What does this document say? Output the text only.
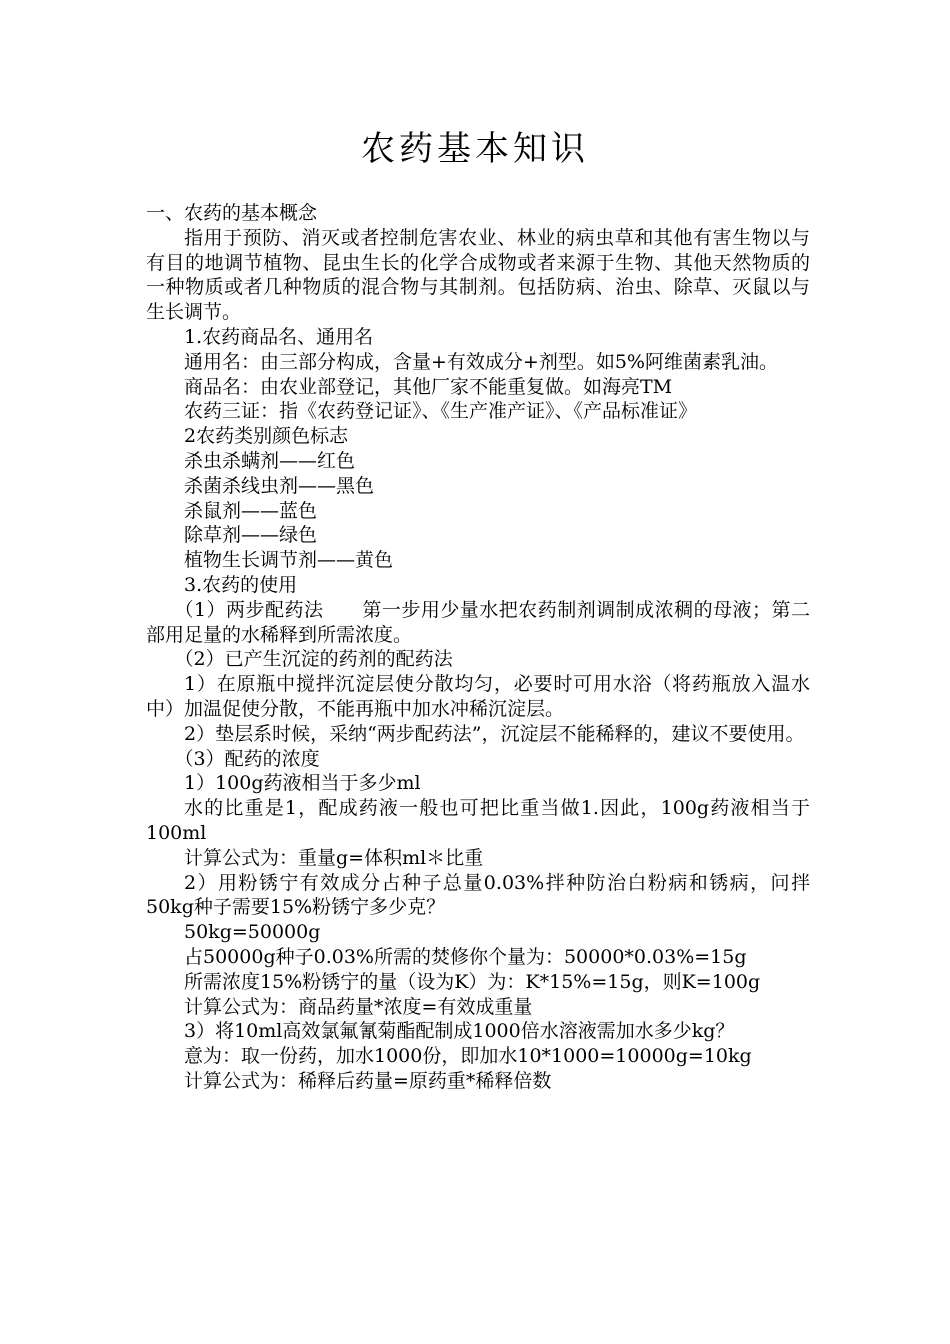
农药基本知识

一、农药的基本概念

指用于预防、消灭或者控制危害农业、林业的病虫草和其他有害生物以与有目的地调节植物、昆虫生长的化学合成物或者来源于生物、其他天然物质的一种物质或者几种物质的混合物与其制剂。包括防病、治虫、除草、灭鼠以与生长调节。

1.农药商品名、通用名

通用名：由三部分构成，含量+有效成分+剂型。如5%阿维菌素乳油。

商品名：由农业部登记，其他厂家不能重复做。如海亮TM

农药三证：指《农药登记证》、《生产准产证》、《产品标准证》

2农药类别颜色标志

杀虫杀螨剂——红色

杀菌杀线虫剂——黑色

杀鼠剂——蓝色

除草剂——绿色

植物生长调节剂——黄色

3.农药的使用

（1）两步配药法　　第一步用少量水把农药制剂调制成浓稠的母液；第二部用足量的水稀释到所需浓度。

（2）已产生沉淀的药剂的配药法

1）在原瓶中搅拌沉淀层使分散均匀，必要时可用水浴（将药瓶放入温水中）加温促使分散，不能再瓶中加水冲稀沉淀层。

2）垫层系时候，采纳“两步配药法”，沉淀层不能稀释的，建议不要使用。

（3）配药的浓度

1）100g药液相当于多少ml

水的比重是1，配成药液一般也可把比重当做1.因此，100g药液相当于100ml

计算公式为：重量g=体积ml＊比重

2）用粉锈宁有效成分占种子总量0.03%拌种防治白粉病和锈病，问拌50kg种子需要15%粉锈宁多少克？

50kg=50000g

占50000g种子0.03%所需的焚修你个量为：50000*0.03%=15g

所需浓度15%粉锈宁的量（设为K）为：K*15%=15g，则K=100g

计算公式为：商品药量*浓度=有效成重量

3）将10ml高效氯氟氰菊酯配制成1000倍水溶液需加水多少kg？

意为：取一份药，加水1000份，即加水10*1000=10000g=10kg

计算公式为：稀释后药量=原药重*稀释倍数
